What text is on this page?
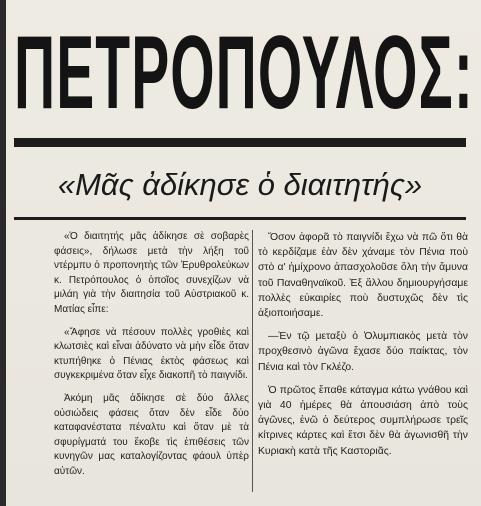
ΠΕΤΡΟΠΟΥΛΟΣ:
«Μᾶς ἀδίκησε ὁ διαιτητής»

«Ὁ διαιτητής μᾶς ἀδίκησε σὲ σοβαρὲς φάσεις», δήλωσε μετὰ τὴν λήξη τοῦ ντέρμπυ ὁ προπονητὴς τῶν Ἐρυθρολεύκων κ. Πετρόπουλος ὁ ὁποῖος συνεχίζων νὰ μιλάη γιὰ τὴν διαιτησία τοῦ Αὐστριακοῦ κ. Ματίας εἶπε:

«Ἄφησε νὰ πέσουν πολλὲς γροθιὲς καὶ κλωτσιὲς καὶ εἶναι ἀδύνατο νὰ μὴν εἶδε ὅταν κτυπήθηκε ὁ Πένιας ἐκτὸς φάσεως καὶ συγκεκριμένα ὅταν εἶχε διακοπῆ τὸ παιγνίδι.

Ἀκόμη μᾶς ἀδίκησε σὲ δύο ἄλλες οὐσιώδεις φάσεις ὅταν δὲν εἶδε δύο καταφανέστατα πέναλτυ καὶ ὅταν μὲ τὰ σφυρίγματά του ἔκοβε τὶς ἐπιθέσεις τῶν κυνηγῶν μας καταλογίζοντας φάουλ ὑπὲρ αὐτῶν.

Ὅσον ἀφορᾶ τὸ παιγνίδι ἔχω νὰ πῶ ὅτι θὰ τὸ κερδίζαμε ἐὰν δὲν χάναμε τὸν Πένια ποὺ στὸ α' ἡμίχρονο ἀπασχολοῦσε ὅλη τὴν ἄμυνα τοῦ Παναθηναϊκοῦ. Ἐξ ἄλλου δημιουργήσαμε πολλὲς εὐκαιρίες ποὺ δυστυχῶς δὲν τὶς ἀξιοποιήσαμε.

—Ἐν τῷ μεταξὺ ὁ Ὀλυμπιακὸς μετὰ τὸν προχθεσινὸ ἀγῶνα ἔχασε δύο παίκτας, τὸν Πένια καὶ τὸν Γκλέζο.

Ὁ πρῶτος ἔπαθε κάταγμα κάτω γνάθου καὶ γιὰ 40 ἡμέρες θὰ ἀπουσιάση ἀπὸ τοὺς ἀγῶνες, ἐνῶ ὁ δεύτερος συμπλήρωσε τρεῖς κίτρινες κάρτες καὶ ἔτσι δὲν θὰ ἀγωνισθῆ τὴν Κυριακὴ κατὰ τῆς Καστοριᾶς.
